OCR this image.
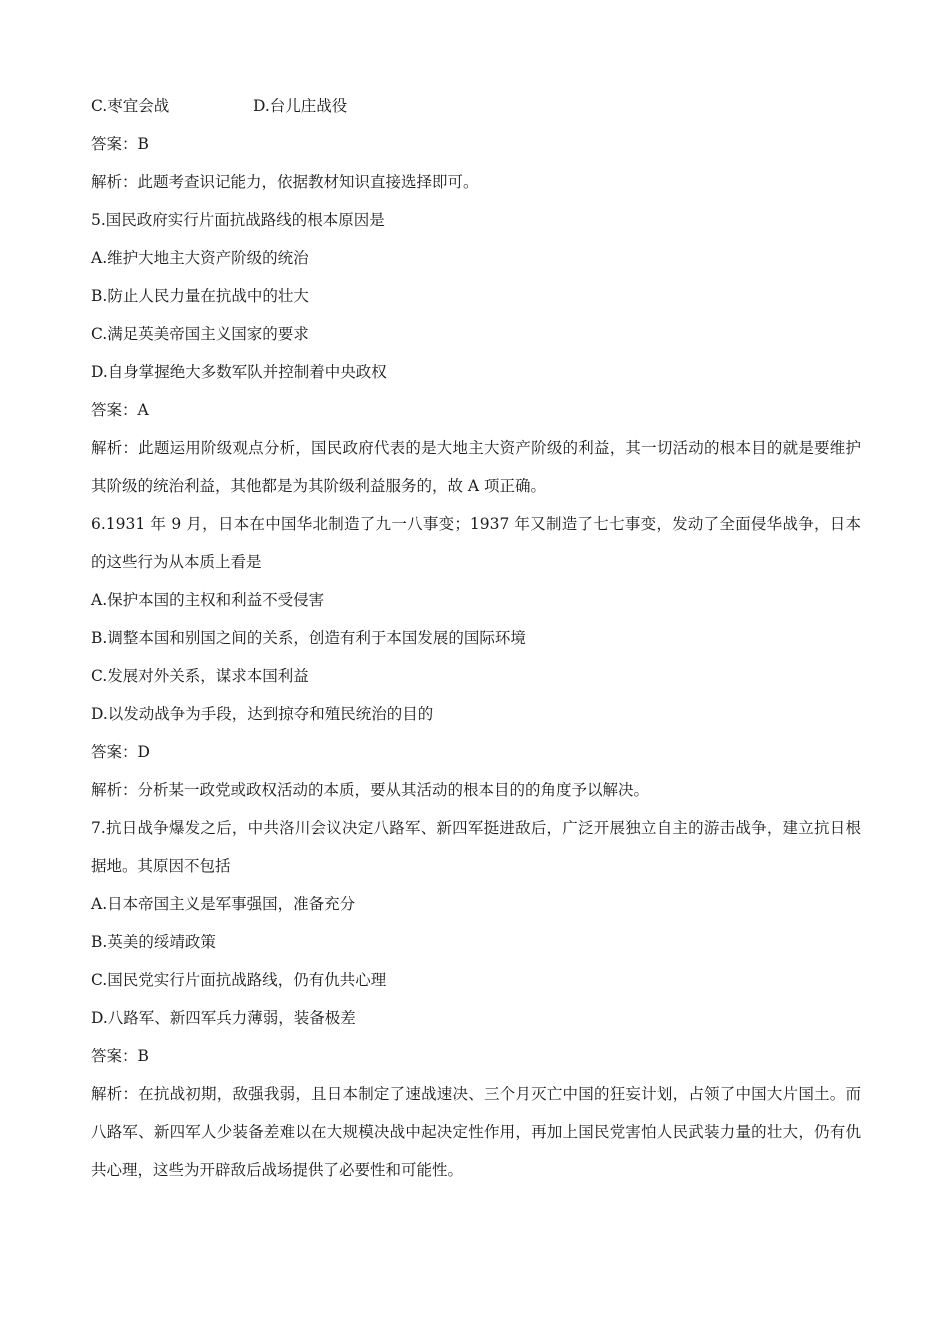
C.枣宜会战	D.台儿庄战役
答案：B
解析：此题考查识记能力，依据教材知识直接选择即可。
5.国民政府实行片面抗战路线的根本原因是
A.维护大地主大资产阶级的统治
B.防止人民力量在抗战中的壮大
C.满足英美帝国主义国家的要求
D.自身掌握绝大多数军队并控制着中央政权
答案：A
解析：此题运用阶级观点分析，国民政府代表的是大地主大资产阶级的利益，其一切活动的根本目的就是要维护其阶级的统治利益，其他都是为其阶级利益服务的，故 A 项正确。
6.1931 年 9 月，日本在中国华北制造了九一八事变；1937 年又制造了七七事变，发动了全面侵华战争，日本的这些行为从本质上看是
A.保护本国的主权和利益不受侵害
B.调整本国和别国之间的关系，创造有利于本国发展的国际环境
C.发展对外关系，谋求本国利益
D.以发动战争为手段，达到掠夺和殖民统治的目的
答案：D
解析：分析某一政党或政权活动的本质，要从其活动的根本目的的角度予以解决。
7.抗日战争爆发之后，中共洛川会议决定八路军、新四军挺进敌后，广泛开展独立自主的游击战争，建立抗日根据地。其原因不包括
A.日本帝国主义是军事强国，准备充分
B.英美的绥靖政策
C.国民党实行片面抗战路线，仍有仇共心理
D.八路军、新四军兵力薄弱，装备极差
答案：B
解析：在抗战初期，敌强我弱，且日本制定了速战速决、三个月灭亡中国的狂妄计划，占领了中国大片国土。而八路军、新四军人少装备差难以在大规模决战中起决定性作用，再加上国民党害怕人民武装力量的壮大，仍有仇共心理，这些为开辟敌后战场提供了必要性和可能性。
